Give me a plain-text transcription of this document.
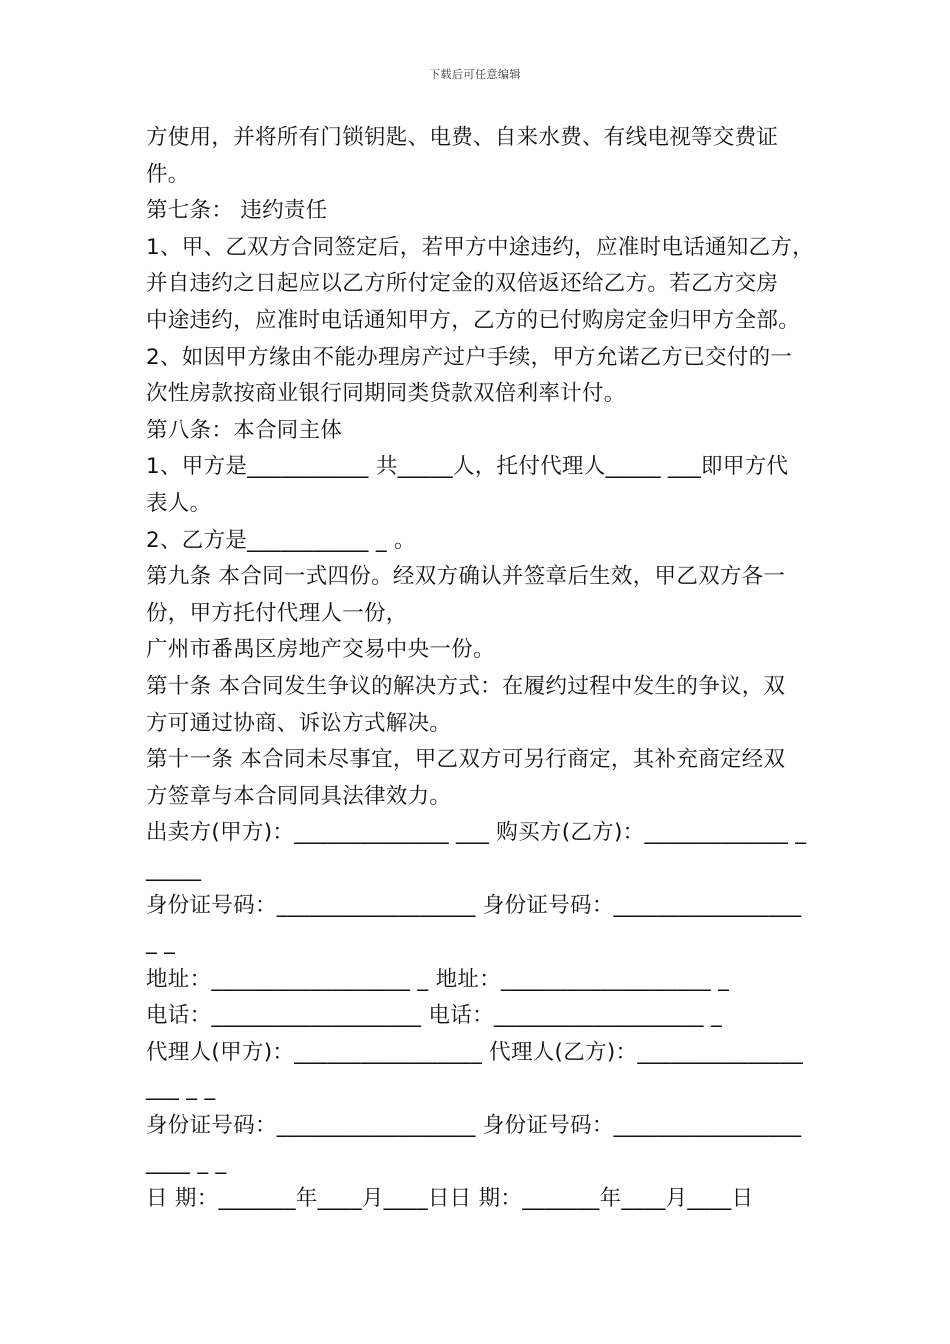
下载后可任意编辑
方使用，并将所有门锁钥匙、电费、自来水费、有线电视等交费证
件。
第七条： 违约责任
1、甲、乙双方合同签定后，若甲方中途违约，应准时电话通知乙方，
并自违约之日起应以乙方所付定金的双倍返还给乙方。若乙方交房
中途违约，应准时电话通知甲方，乙方的已付购房定金归甲方全部。
2、如因甲方缘由不能办理房产过户手续，甲方允诺乙方已交付的一
次性房款按商业银行同期同类贷款双倍利率计付。
第八条：本合同主体
1、甲方是___________ 共_____人，托付代理人_____ ___即甲方代
表人。
2、乙方是___________ _ 。
第九条 本合同一式四份。经双方确认并签章后生效，甲乙双方各一
份，甲方托付代理人一份，
广州市番禺区房地产交易中央一份。
第十条 本合同发生争议的解决方式：在履约过程中发生的争议，双
方可通过协商、诉讼方式解决。
第十一条 本合同未尽事宜，甲乙双方可另行商定，其补充商定经双
方签章与本合同同具法律效力。
出卖方(甲方)：______________ ___ 购买方(乙方)：_____________ _
_____
身份证号码：__________________ 身份证号码：_________________
_ _
地址：__________________ _ 地址：___________________ _
电话：___________________ 电话：___________________ _
代理人(甲方)：_________________ 代理人(乙方)：_______________
___ _ _
身份证号码：__________________ 身份证号码：_________________
____ _ _
日 期：_______年____月____日日 期：_______年____月____日
